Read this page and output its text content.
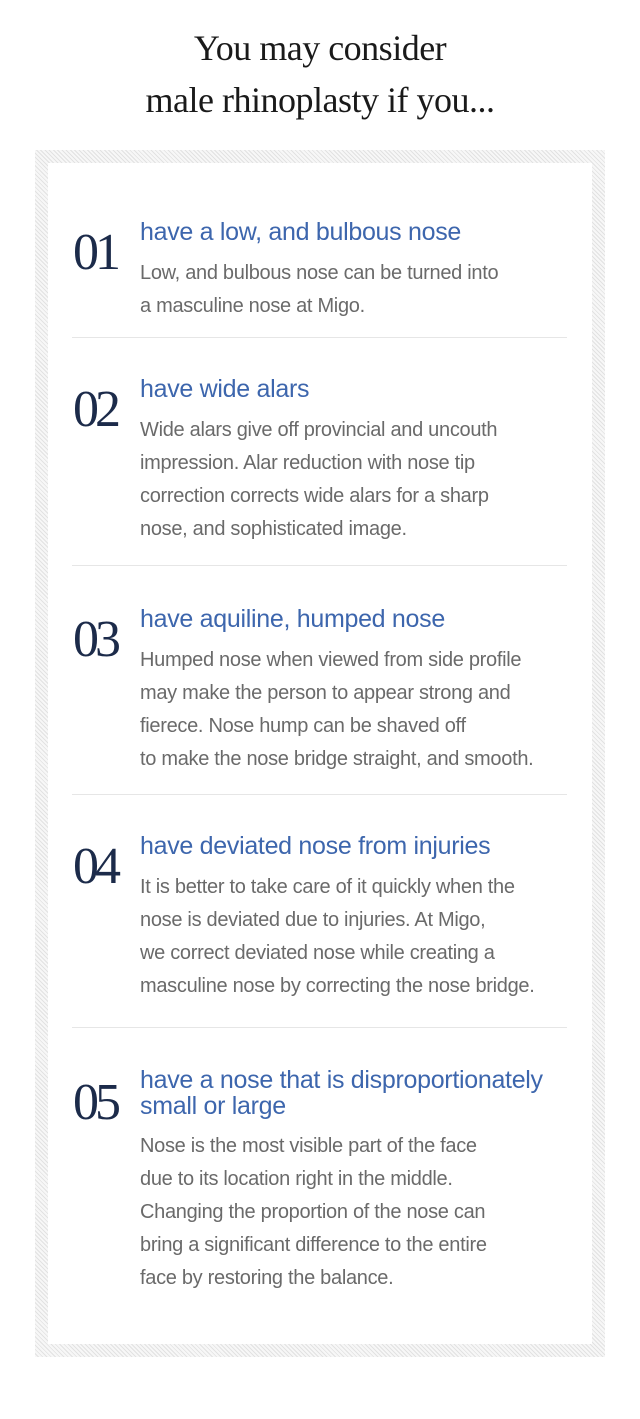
You may consider
male rhinoplasty if you...
01 have a low, and bulbous nose
Low, and bulbous nose can be turned into
a masculine nose at Migo.
02 have wide alars
Wide alars give off provincial and uncouth
impression. Alar reduction with nose tip
correction corrects wide alars for a sharp
nose, and sophisticated image.
03 have aquiline, humped nose
Humped nose when viewed from side profile
may make the person to appear strong and
fierece. Nose hump can be shaved off
to make the nose bridge straight, and smooth.
04 have deviated nose from injuries
It is better to take care of it quickly when the
nose is deviated due to injuries. At Migo,
we correct deviated nose while creating a
masculine nose by correcting the nose bridge.
05 have a nose that is disproportionately
small or large
Nose is the most visible part of the face
due to its location right in the middle.
Changing the proportion of the nose can
bring a significant difference to the entire
face by restoring the balance.
